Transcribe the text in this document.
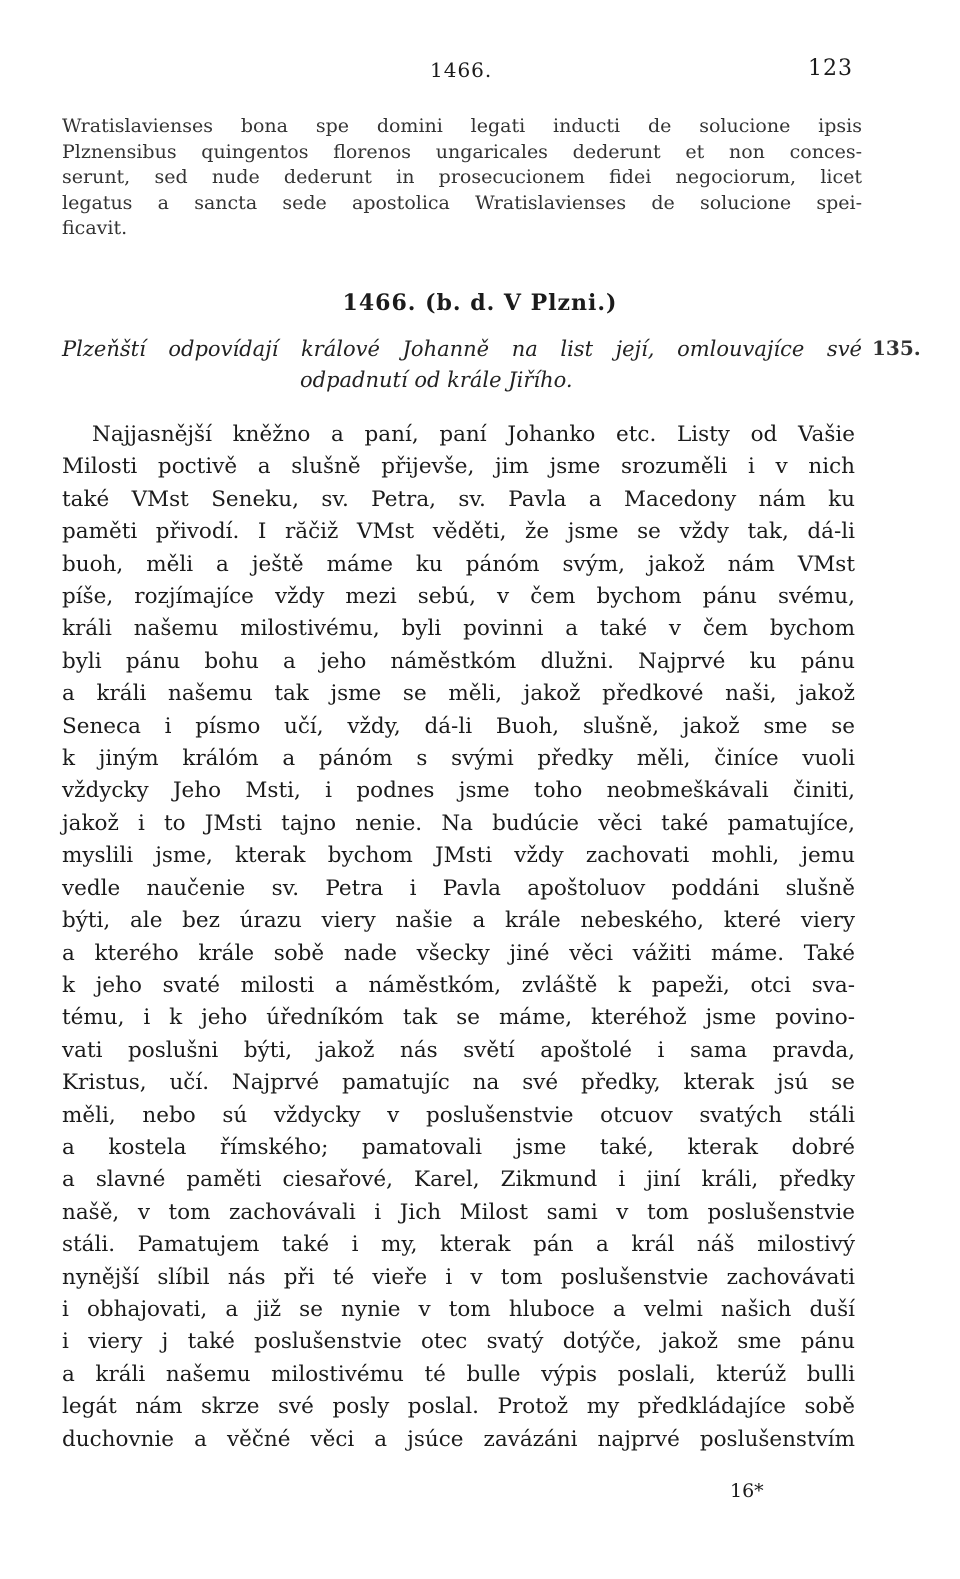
1466.	123
Wratislavienses bona spe domini legati inducti de solucione ipsis
Plznensibus quingentos florenos ungaricales dederunt et non conces-
serunt, sed nude dederunt in prosecucionem fidei negociorum, licet
legatus a sancta sede apostolica Wratislavienses de solucione spei-
ficavit.
1466. (b. d. V Plzni.)
Plzeňští odpovídají králové Johanně na list její, omlouvajíce své
odpadnutí od krále Jiřího.
135.
Najjasnější kněžno a paní, paní Johanko etc. Listy od Vašie
Milosti poctivě a slušně přijevše, jim jsme srozuměli i v nich
také VMst Seneku, sv. Petra, sv. Pavla a Macedony nám ku
paměti přivodí. I răčiž VMst věděti, že jsme se vždy tak, dá-li
buoh, měli a ještě máme ku pánóm svým, jakož nám VMst
píše, rozjímajíce vždy mezi sebú, v čem bychom pánu svému,
králi našemu milostivému, byli povinni a také v čem bychom
byli pánu bohu a jeho náměstkóm dlužni. Najprvé ku pánu
a králi našemu tak jsme se měli, jakož předkové naši, jakož
Seneca i písmo učí, vždy, dá-li Buoh, slušně, jakož sme se
k jiným králóm a pánóm s svými předky měli, činíce vuoli
vždycky Jeho Msti, i podnes jsme toho neobmeškávali činiti,
jakož i to JMsti tajno nenie. Na budúcie věci také pamatujíce,
myslili jsme, kterak bychom JMsti vždy zachovati mohli, jemu
vedle naučenie sv. Petra i Pavla apoštoluov poddáni slušně
býti, ale bez úrazu viery našie a krále nebeského, které viery
a kterého krále sobě nade všecky jiné věci vážiti máme. Také
k jeho svaté milosti a náměstkóm, zvláště k papeži, otci sva-
tému, i k jeho úředníkóm tak se máme, kteréhož jsme povino-
vati poslušni býti, jakož nás světí apoštolé i sama pravda,
Kristus, učí. Najprvé pamatujíc na své předky, kterak jsú se
měli, nebo sú vždycky v poslušenstvie otcuov svatých stáli
a kostela římského; pamatovali jsme také, kterak dobré
a slavné paměti ciesařové, Karel, Zikmund i jiní králi, předky
našě, v tom zachovávali i Jich Milost sami v tom poslušenstvie
stáli. Pamatujem také i my, kterak pán a král náš milostivý
nynější slíbil nás při té vieře i v tom poslušenstvie zachovávati
i obhajovati, a již se nynie v tom hluboce a velmi našich duší
i viery j také poslušenstvie otec svatý dotýče, jakož sme pánu
a králi našemu milostivému té bulle výpis poslali, kterúž bulli
legát nám skrze své posly poslal. Protož my předkládajíce sobě
duchovnie a věčné věci a jsúce zavázáni najprvé poslušenstvím
16*
